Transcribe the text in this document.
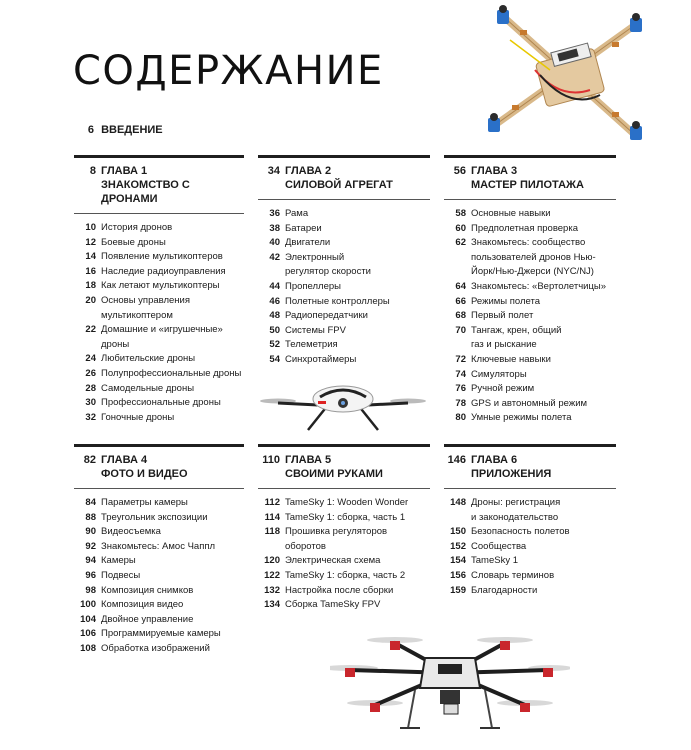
СОДЕРЖАНИЕ
6 ВВЕДЕНИЕ
8 ГЛАВА 1
ЗНАКОМСТВО С ДРОНАМИ
10 История дронов
12 Боевые дроны
14 Появление мультикоптеров
16 Наследие радиоуправления
18 Как летают мультикоптеры
20 Основы управления
мультикоптером
22 Домашние и «игрушечные»
дроны
24 Любительские дроны
26 Полупрофессиональные дроны
28 Самодельные дроны
30 Профессиональные дроны
32 Гоночные дроны
34 ГЛАВА 2
СИЛОВОЙ АГРЕГАТ
36 Рама
38 Батареи
40 Двигатели
42 Электронный
регулятор скорости
44 Пропеллеры
46 Полетные контроллеры
48 Радиопередатчики
50 Системы FPV
52 Телеметрия
54 Синхротаймеры
56 ГЛАВА 3
МАСТЕР ПИЛОТАЖА
58 Основные навыки
60 Предполетная проверка
62 Знакомьтесь: сообщество
пользователей дронов Нью-
Йорк/Нью-Джерси (NYC/NJ)
64 Знакомьтесь: «Вертолетчицы»
66 Режимы полета
68 Первый полет
70 Тангаж, крен, общий
газ и рыскание
72 Ключевые навыки
74 Симуляторы
76 Ручной режим
78 GPS и автономный режим
80 Умные режимы полета
82 ГЛАВА 4
ФОТО И ВИДЕО
84 Параметры камеры
88 Треугольник экспозиции
90 Видеосъемка
92 Знакомьтесь: Амос Чаппл
94 Камеры
96 Подвесы
98 Композиция снимков
100 Композиция видео
104 Двойное управление
106 Программируемые камеры
108 Обработка изображений
110 ГЛАВА 5
СВОИМИ РУКАМИ
112 TameSky 1: Wooden Wonder
114 TameSky 1: сборка, часть 1
118 Прошивка регуляторов
оборотов
120 Электрическая схема
122 TameSky 1: сборка, часть 2
132 Настройка после сборки
134 Сборка TameSky FPV
146 ГЛАВА 6
ПРИЛОЖЕНИЯ
148 Дроны: регистрация
и законодательство
150 Безопасность полетов
152 Сообщества
154 TameSky 1
156 Словарь терминов
159 Благодарности
